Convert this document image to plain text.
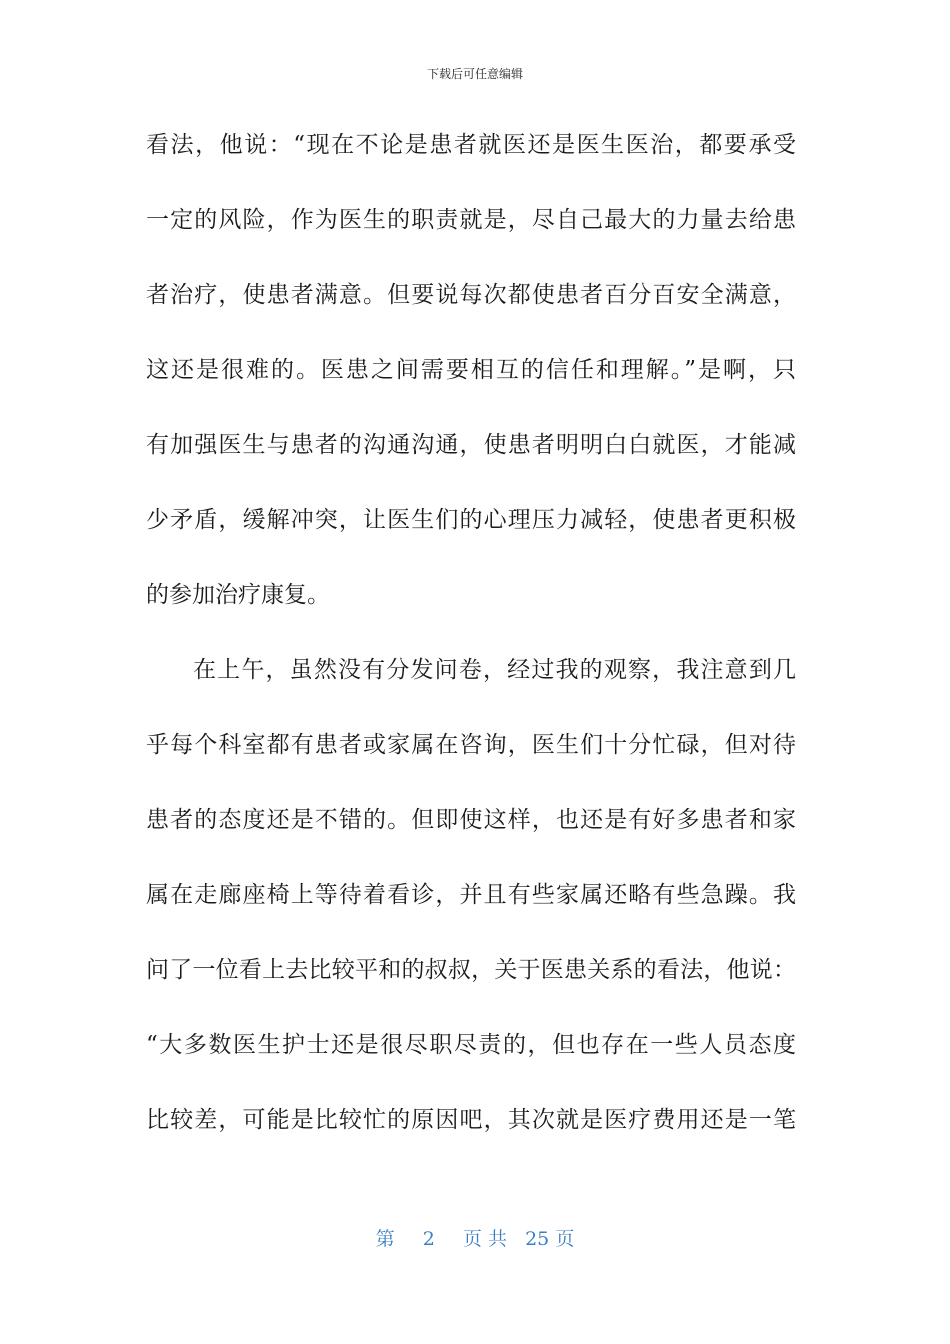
下载后可任意编辑
看法，他说：“现在不论是患者就医还是医生医治，都要承受
一定的风险，作为医生的职责就是，尽自己最大的力量去给患
者治疗，使患者满意。但要说每次都使患者百分百安全满意，
这还是很难的。医患之间需要相互的信任和理解。”是啊，只
有加强医生与患者的沟通沟通，使患者明明白白就医，才能减
少矛盾，缓解冲突，让医生们的心理压力减轻，使患者更积极
的参加治疗康复。
在上午，虽然没有分发问卷，经过我的观察，我注意到几
乎每个科室都有患者或家属在咨询，医生们十分忙碌，但对待
患者的态度还是不错的。但即使这样，也还是有好多患者和家
属在走廊座椅上等待着看诊，并且有些家属还略有些急躁。我
问了一位看上去比较平和的叔叔，关于医患关系的看法，他说：
“大多数医生护士还是很尽职尽责的，但也存在一些人员态度
比较差，可能是比较忙的原因吧，其次就是医疗费用还是一笔
第 2 页 共 25 页
